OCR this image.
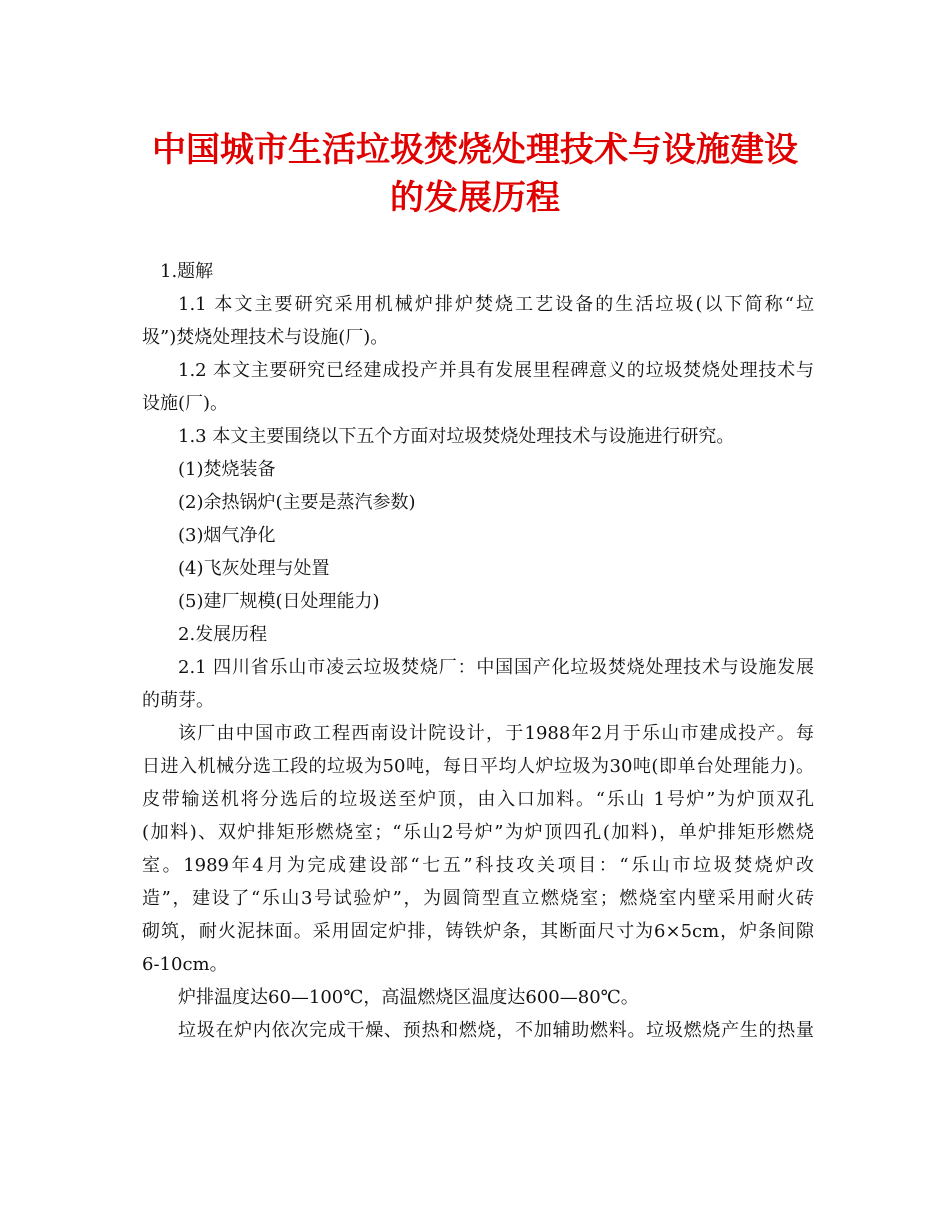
中国城市生活垃圾焚烧处理技术与设施建设
的发展历程
1.题解
1.1 本文主要研究采用机械炉排炉焚烧工艺设备的生活垃圾(以下简称“垃
圾”)焚烧处理技术与设施(厂)。
1.2 本文主要研究已经建成投产并具有发展里程碑意义的垃圾焚烧处理技术与
设施(厂)。
1.3 本文主要围绕以下五个方面对垃圾焚烧处理技术与设施进行研究。
(1)焚烧装备
(2)余热锅炉(主要是蒸汽参数)
(3)烟气净化
(4)飞灰处理与处置
(5)建厂规模(日处理能力)
2.发展历程
2.1 四川省乐山市凌云垃圾焚烧厂：中国国产化垃圾焚烧处理技术与设施发展
的萌芽。
该厂由中国市政工程西南设计院设计，于1988年2月于乐山市建成投产。每
日进入机械分选工段的垃圾为50吨，每日平均人炉垃圾为30吨(即单台处理能力)。
皮带输送机将分选后的垃圾送至炉顶，由入口加料。“乐山 1号炉”为炉顶双孔
(加料)、双炉排矩形燃烧室；“乐山2号炉”为炉顶四孔(加料)，单炉排矩形燃烧
室。1989年4月为完成建设部“七五”科技攻关项目：“乐山市垃圾焚烧炉改
造”，建设了“乐山3号试验炉”，为圆筒型直立燃烧室；燃烧室内壁采用耐火砖
砌筑，耐火泥抹面。采用固定炉排，铸铁炉条，其断面尺寸为6×5cm，炉条间隙
6-10cm。
炉排温度达60—100℃，高温燃烧区温度达600—80℃。
垃圾在炉内依次完成干燥、预热和燃烧，不加辅助燃料。垃圾燃烧产生的热量
